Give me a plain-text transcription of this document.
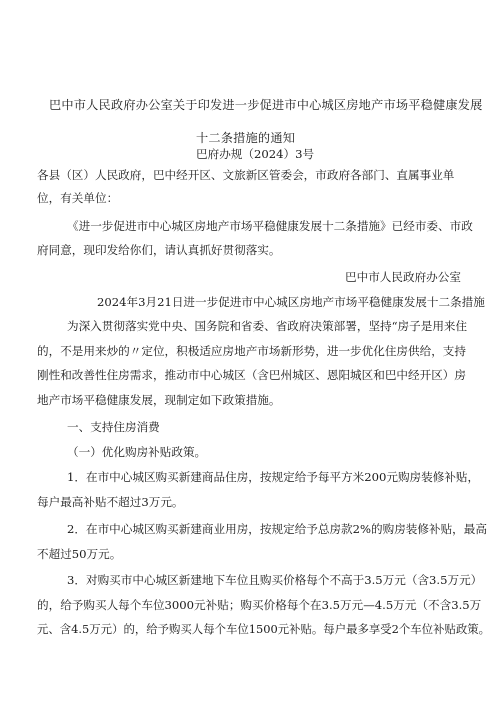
巴中市人民政府办公室关于印发进一步促进市中心城区房地产市场平稳健康发展
十二条措施的通知
巴府办规（2024）3号
各县（区）人民政府，巴中经开区、文旅新区管委会，市政府各部门、直属事业单
位，有关单位：
《进一步促进市中心城区房地产市场平稳健康发展十二条措施》已经市委、市政
府同意，现印发给你们，请认真抓好贯彻落实。
巴中市人民政府办公室
2024年3月21日进一步促进市中心城区房地产市场平稳健康发展十二条措施
为深入贯彻落实党中央、国务院和省委、省政府决策部署，坚持“房子是用来住
的，不是用来炒的〃定位，积极适应房地产市场新形势，进一步优化住房供给，支持
刚性和改善性住房需求，推动市中心城区（含巴州城区、恩阳城区和巴中经开区）房
地产市场平稳健康发展，现制定如下政策措施。
一、支持住房消费
（一）优化购房补贴政策。
1．在市中心城区购买新建商品住房，按规定给予每平方米200元购房装修补贴，
每户最高补贴不超过3万元。
2．在市中心城区购买新建商业用房，按规定给予总房款2%的购房装修补贴，最高
不超过50万元。
3．对购买市中心城区新建地下车位且购买价格每个不高于3.5万元（含3.5万元）
的，给予购买人每个车位3000元补贴；购买价格每个在3.5万元—4.5万元（不含3.5万
元、含4.5万元）的，给予购买人每个车位1500元补贴。每户最多享受2个车位补贴政策。
